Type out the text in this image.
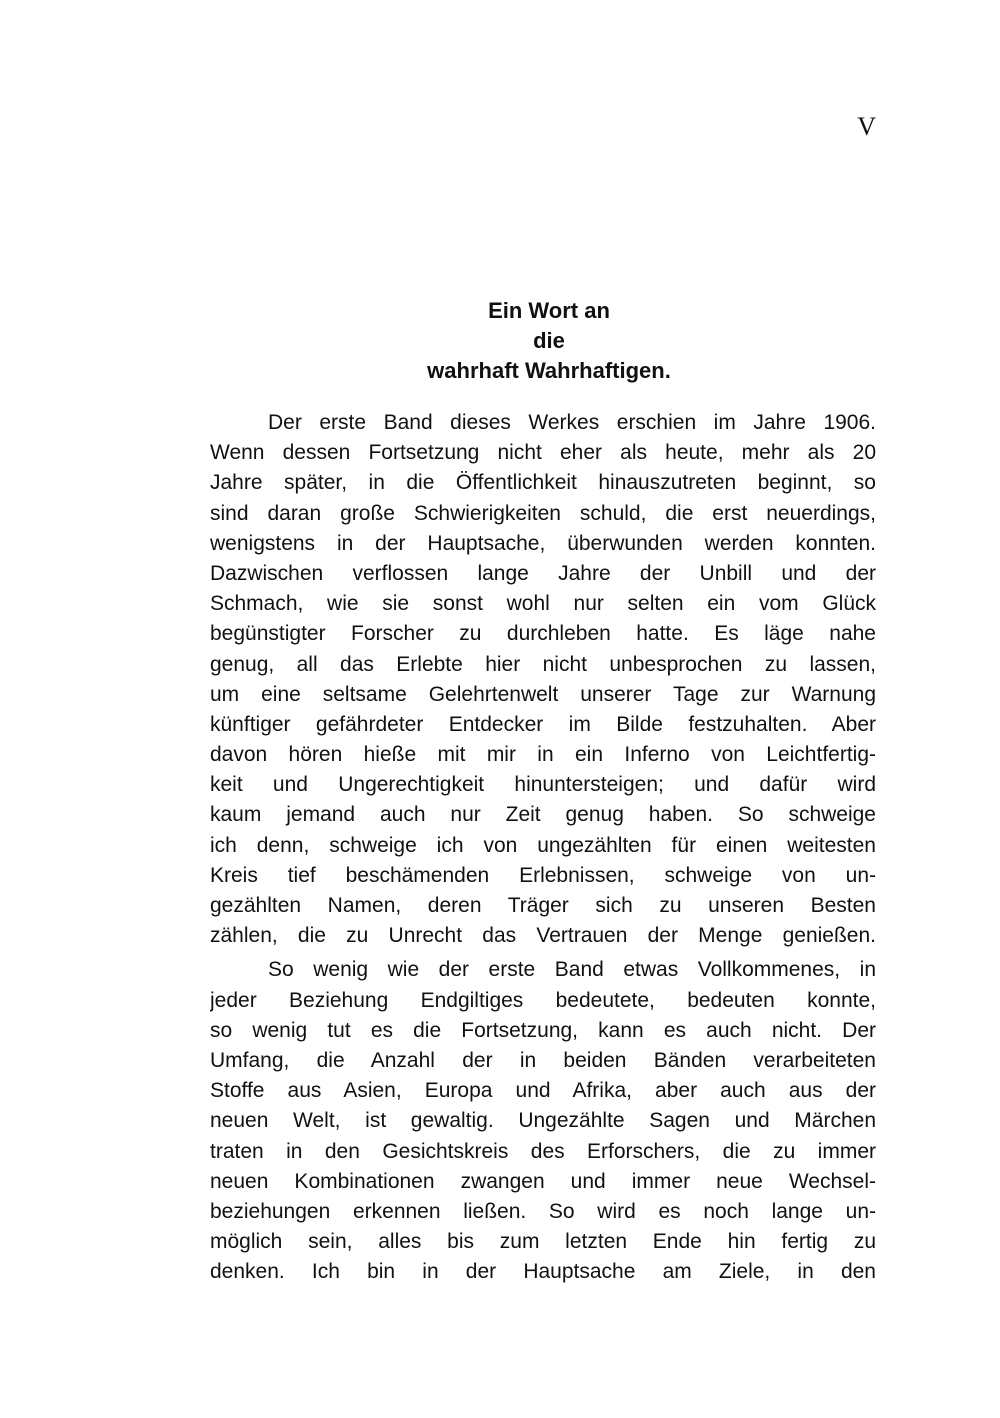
V
Ein Wort an
die
wahrhaft Wahrhaftigen.
Der erste Band dieses Werkes erschien im Jahre 1906.
Wenn dessen Fortsetzung nicht eher als heute, mehr als 20
Jahre später, in die Öffentlichkeit hinauszutreten beginnt, so
sind daran große Schwierigkeiten schuld, die erst neuerdings,
wenigstens in der Hauptsache, überwunden werden konnten.
Dazwischen verflossen lange Jahre der Unbill und der
Schmach, wie sie sonst wohl nur selten ein vom Glück
begünstigter Forscher zu durchleben hatte. Es läge nahe
genug, all das Erlebte hier nicht unbesprochen zu lassen,
um eine seltsame Gelehrtenwelt unserer Tage zur Warnung
künftiger gefährdeter Entdecker im Bilde festzuhalten. Aber
davon hören hieße mit mir in ein Inferno von Leichtfertig-
keit und Ungerechtigkeit hinuntersteigen; und dafür wird
kaum jemand auch nur Zeit genug haben. So schweige
ich denn, schweige ich von ungezählten für einen weitesten
Kreis tief beschämenden Erlebnissen, schweige von un-
gezählten Namen, deren Träger sich zu unseren Besten
zählen, die zu Unrecht das Vertrauen der Menge genießen.
So wenig wie der erste Band etwas Vollkommenes, in
jeder Beziehung Endgiltiges bedeutete, bedeuten konnte,
so wenig tut es die Fortsetzung, kann es auch nicht. Der
Umfang, die Anzahl der in beiden Bänden verarbeiteten
Stoffe aus Asien, Europa und Afrika, aber auch aus der
neuen Welt, ist gewaltig. Ungezählte Sagen und Märchen
traten in den Gesichtskreis des Erforschers, die zu immer
neuen Kombinationen zwangen und immer neue Wechsel-
beziehungen erkennen ließen. So wird es noch lange un-
möglich sein, alles bis zum letzten Ende hin fertig zu
denken. Ich bin in der Hauptsache am Ziele, in den
